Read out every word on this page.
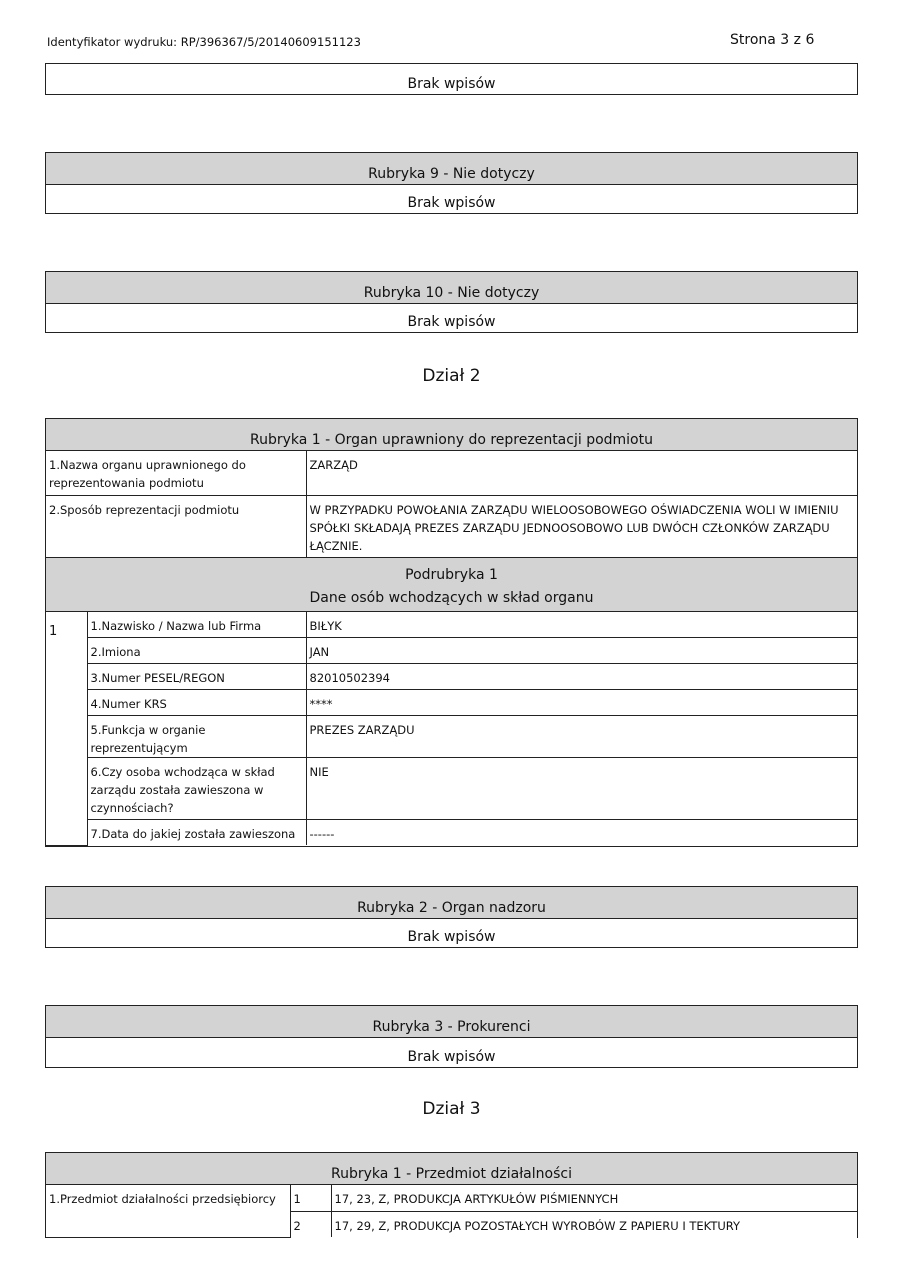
Identyfikator wydruku: RP/396367/5/20140609151123	Strona 3 z 6
Brak wpisów
Rubryka 9 - Nie dotyczy
Brak wpisów
Rubryka 10 - Nie dotyczy
Brak wpisów
Dział 2
Rubryka 1 - Organ uprawniony do reprezentacji podmiotu
1.Nazwa organu uprawnionego do reprezentowania podmiotu		ZARZĄD
2.Sposób reprezentacji podmiotu		W PRZYPADKU POWOŁANIA ZARZĄDU WIELOOSOBOWEGO OŚWIADCZENIA WOLI W IMIENIU SPÓŁKI SKŁADAJĄ PREZES ZARZĄDU JEDNOOSOBOWO LUB DWÓCH CZŁONKÓW ZARZĄDU ŁĄCZNIE.

Podrubryka 1
Dane osób wchodzących w skład organu		

1	1.Nazwisko / Nazwa lub Firma	BIŁYK
	2.Imiona	JAN
	3.Numer PESEL/REGON	82010502394
	4.Numer KRS	****
	5.Funkcja w organie reprezentującym	PREZES ZARZĄDU
	6.Czy osoba wchodząca w skład zarządu została zawieszona w czynnościach?	NIE
	7.Data do jakiej została zawieszona	------
Rubryka 2 - Organ nadzoru
Brak wpisów
Rubryka 3 - Prokurenci
Brak wpisów
Dział 3
Rubryka 1 - Przedmiot działalności
1.Przedmiot działalności przedsiębiorcy	1	17, 23, Z, PRODUKCJA ARTYKUŁÓW PIŚMIENNYCH
	2	17, 29, Z, PRODUKCJA POZOSTAŁYCH WYROBÓW Z PAPIERU I TEKTURY
